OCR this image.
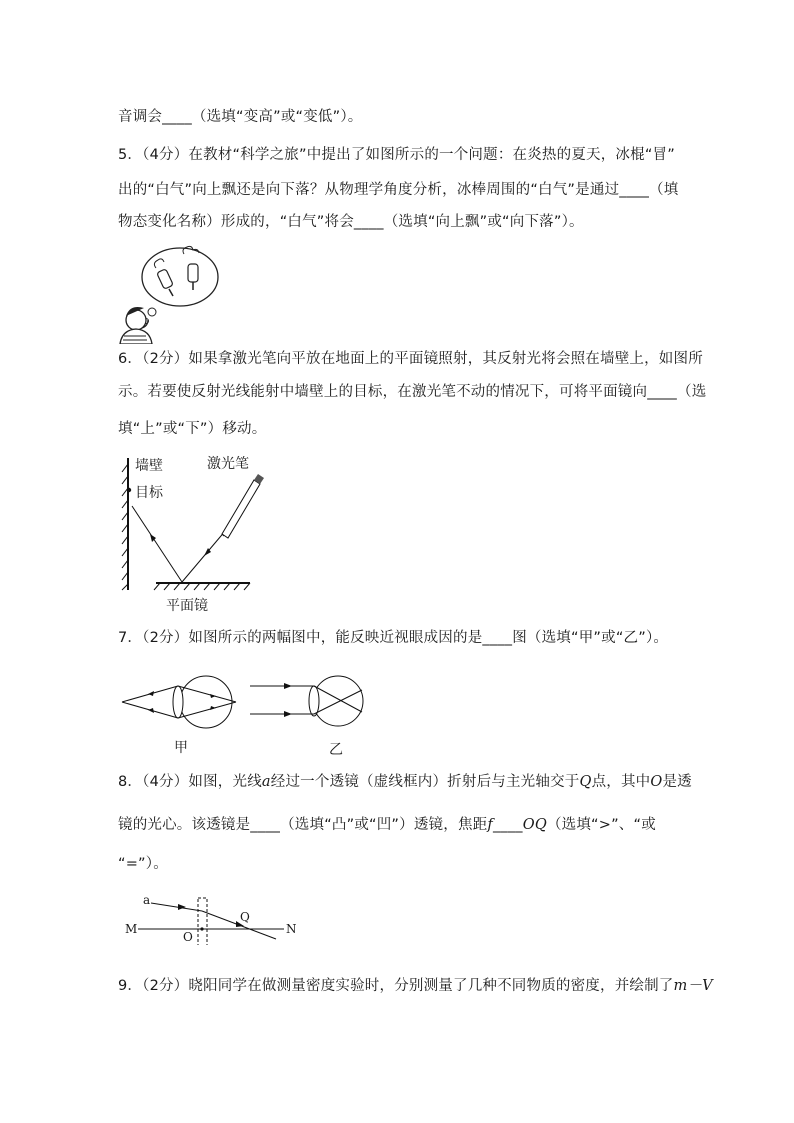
音调会____（选填“变高”或“变低”）。
5．（4分）在教材“科学之旅”中提出了如图所示的一个问题：在炎热的夏天，冰棍“冒”
出的“白气”向上飘还是向下落？从物理学角度分析，冰棒周围的“白气”是通过____（填
物态变化名称）形成的，“白气”将会____（选填“向上飘”或“向下落”）。
6．（2分）如果拿激光笔向平放在地面上的平面镜照射，其反射光将会照在墙壁上，如图所
示。若要使反射光线能射中墙壁上的目标，在激光笔不动的情况下，可将平面镜向____（选
填“上”或“下”）移动。
墙壁
目标
激光笔
平面镜
7．（2分）如图所示的两幅图中，能反映近视眼成因的是____图（选填“甲”或“乙”）。
甲	乙
8．（4分）如图，光线a经过一个透镜（虚线框内）折射后与主光轴交于Q点，其中O是透
镜的光心。该透镜是____（选填“凸”或“凹”）透镜，焦距f____OQ（选填“>”、“或
“=”）。
a
M	N
O
Q
9．（2分）晓阳同学在做测量密度实验时，分别测量了几种不同物质的密度，并绘制了m－V
